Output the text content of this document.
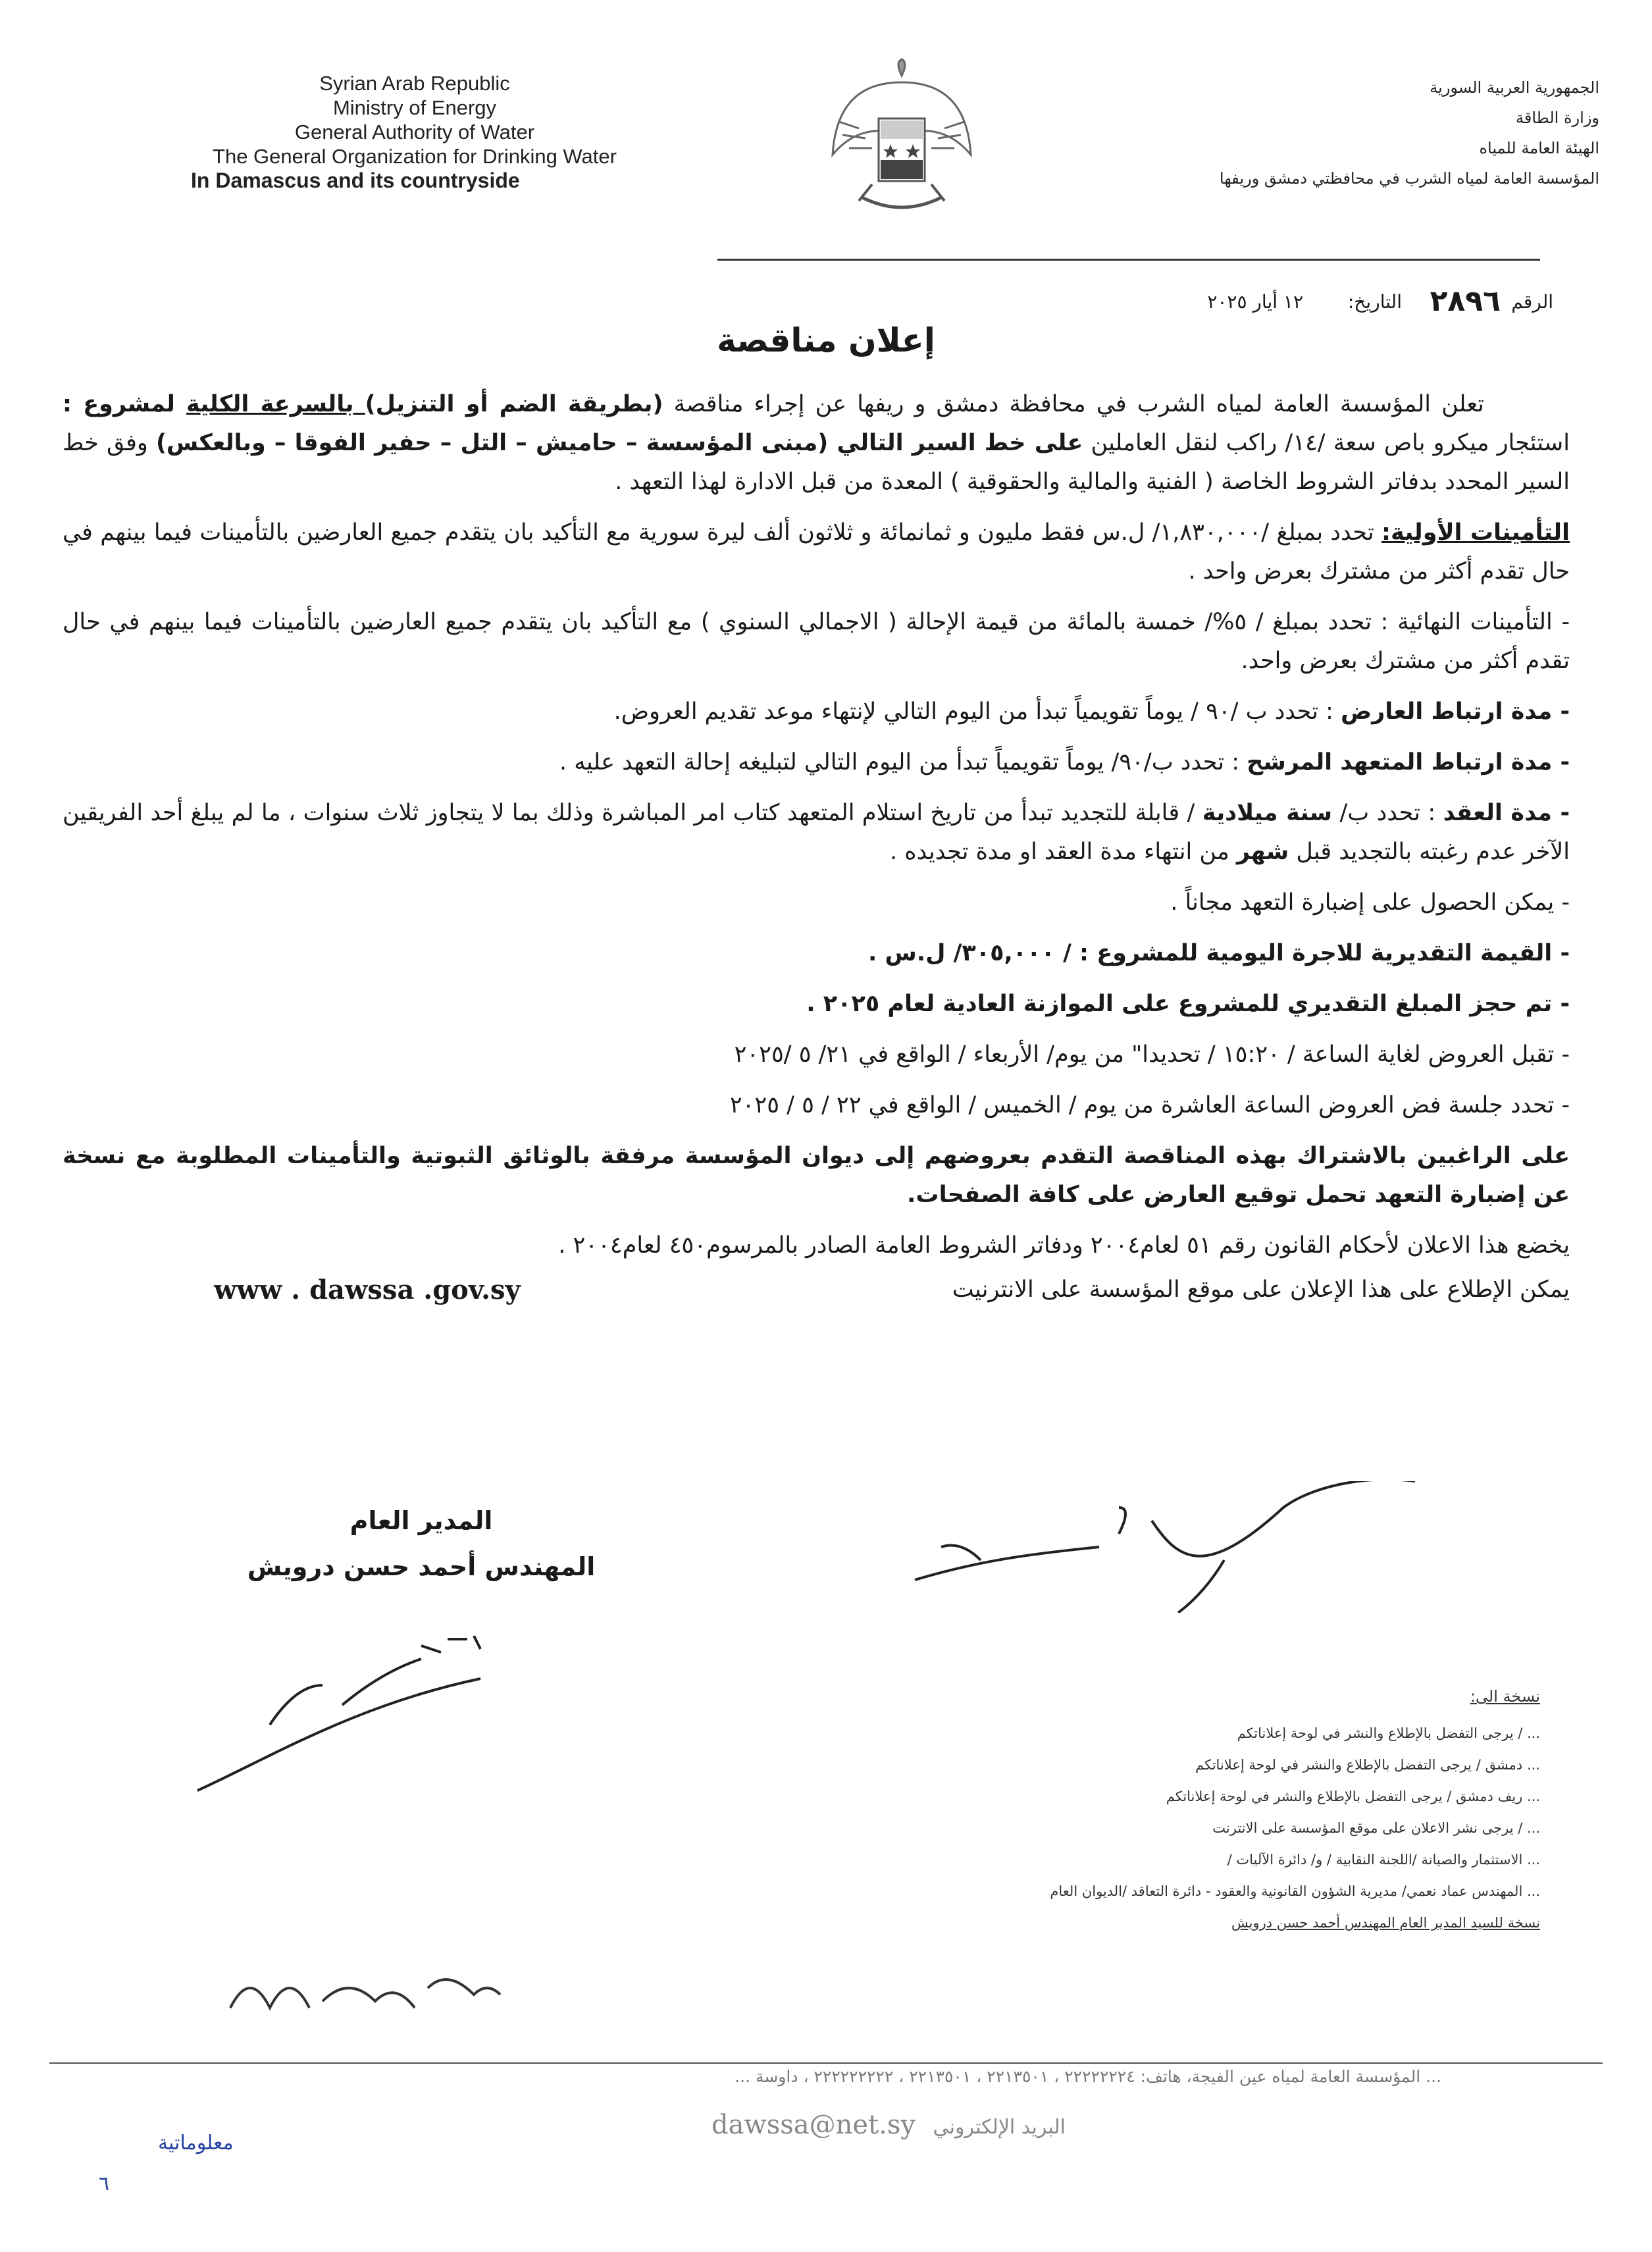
Syrian Arab Republic
Ministry of Energy
General Authority of Water
The General Organization for Drinking Water
In Damascus and its countryside
الجمهورية العربية السورية
وزارة الطاقة
الهيئة العامة للمياه
المؤسسة العامة لمياه الشرب في محافظتي دمشق وريفها
الرقم
٢٨٩٦
التاريخ:
١٢ أيار ٢٠٢٥
إعلان مناقصة

تعلن المؤسسة العامة لمياه الشرب في محافظة دمشق و ريفها عن إجراء مناقصة (بطريقة الضم أو التنزيل) بالسرعة الكلية لمشروع : استئجار ميكرو باص سعة /١٤/ راكب لنقل العاملين على خط السير التالي (مبنى المؤسسة – حاميش – التل – حفير الفوقا – وبالعكس) وفق خط السير المحدد بدفاتر الشروط الخاصة ( الفنية والمالية والحقوقية ) المعدة من قبل الادارة لهذا التعهد .

التأمينات الأولية: تحدد بمبلغ /١,٨٣٠,٠٠٠/ ل.س فقط مليون و ثمانمائة و ثلاثون ألف ليرة سورية مع التأكيد بان يتقدم جميع العارضين بالتأمينات فيما بينهم في حال تقدم أكثر من مشترك بعرض واحد .

- التأمينات النهائية : تحدد بمبلغ / ٥%/ خمسة بالمائة من قيمة الإحالة ( الاجمالي السنوي ) مع التأكيد بان يتقدم جميع العارضين بالتأمينات فيما بينهم في حال تقدم أكثر من مشترك بعرض واحد.

- مدة ارتباط العارض : تحدد ب /٩٠ / يوماً تقويمياً تبدأ من اليوم التالي لإنتهاء موعد تقديم العروض.

- مدة ارتباط المتعهد المرشح : تحدد ب/٩٠/ يوماً تقويمياً تبدأ من اليوم التالي لتبليغه إحالة التعهد عليه .

- مدة العقد : تحدد ب/ سنة ميلادية / قابلة للتجديد تبدأ من تاريخ استلام المتعهد كتاب امر المباشرة وذلك بما لا يتجاوز ثلاث سنوات ، ما لم يبلغ أحد الفريقين الآخر عدم رغبته بالتجديد قبل شهر من انتهاء مدة العقد او مدة تجديده .

- يمكن الحصول على إضبارة التعهد مجاناً .

- القيمة التقديرية للاجرة اليومية للمشروع : / ٣٠٥,٠٠٠/ ل.س .

- تم حجز المبلغ التقديري للمشروع على الموازنة العادية لعام ٢٠٢٥ .

- تقبل العروض لغاية الساعة / ١٥:٢٠ / تحديدا" من يوم/ الأربعاء / الواقع في ٢١/ ٥ /٢٠٢٥

- تحدد جلسة فض العروض الساعة العاشرة من يوم / الخميس / الواقع في ٢٢ / ٥ / ٢٠٢٥

على الراغبين بالاشتراك بهذه المناقصة التقدم بعروضهم إلى ديوان المؤسسة مرفقة بالوثائق الثبوتية والتأمينات المطلوبة مع نسخة عن إضبارة التعهد تحمل توقيع العارض على كافة الصفحات.

يخضع هذا الاعلان لأحكام القانون رقم ٥١ لعام٢٠٠٤ ودفاتر الشروط العامة الصادر بالمرسوم٤٥٠ لعام٢٠٠٤ .

يمكن الإطلاع على هذا الإعلان على موقع المؤسسة على الانترنيت
www . dawssa .gov.sy
المدير العام
المهندس أحمد حسن درويش
نسخة الى:
... / يرجى التفضل بالإطلاع والنشر في لوحة إعلاناتكم
... دمشق / يرجى التفضل بالإطلاع والنشر في لوحة إعلاناتكم
... ريف دمشق / يرجى التفضل بالإطلاع والنشر في لوحة إعلاناتكم
... / يرجى نشر الاعلان على موقع المؤسسة على الانترنت
... الاستثمار والصيانة /اللجنة النقابية / و/ دائرة الآليات /
... المهندس عماد نعمي/ مديرية الشؤون القانونية والعقود - دائرة التعاقد /الديوان العام
نسخة للسيد المدير العام المهندس أحمد حسن درويش
... المؤسسة العامة لمياه عين الفيجة، هاتف: ٢٢٢٢٢٢٢٤ ، ٢٢١٣٥٠١ ، ٢٢١٣٥٠١ ، ٢٢٢٢٢٢٢٢٢ ، داوسة ...
dawssa@net.sy البريد الإلكتروني
معلوماتية
٦
